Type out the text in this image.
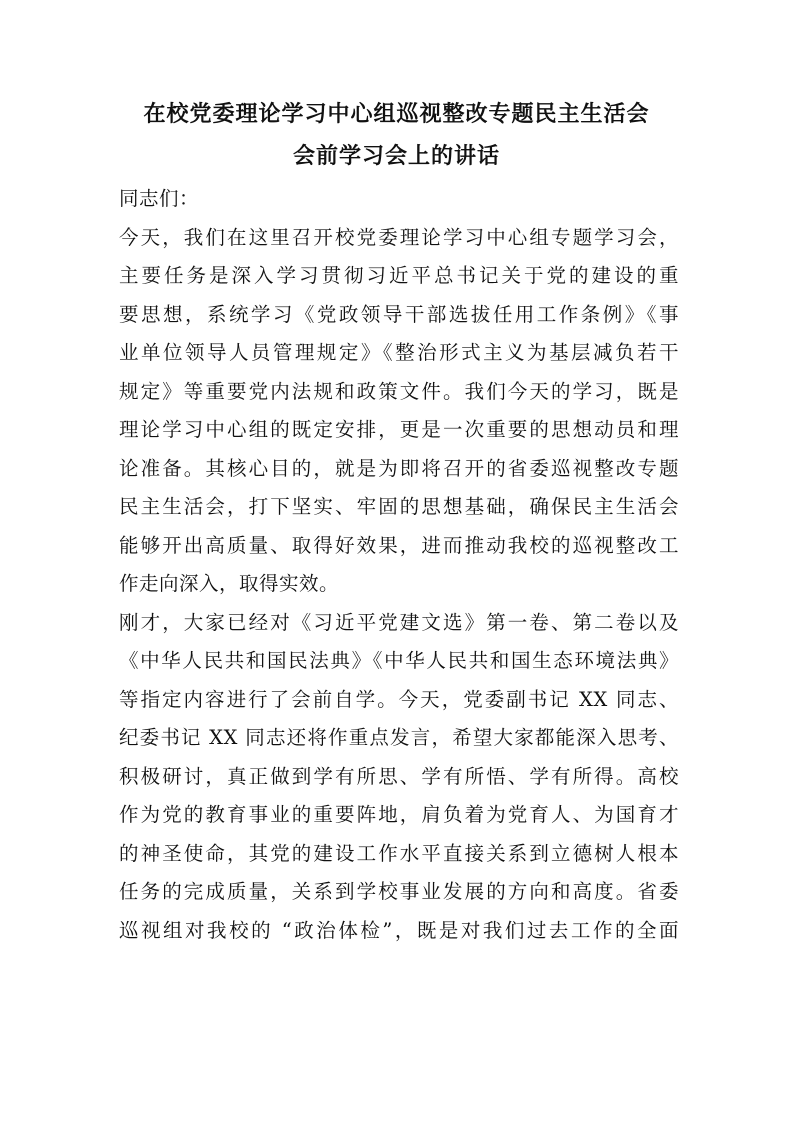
在校党委理论学习中心组巡视整改专题民主生活会
会前学习会上的讲话
同志们：
今天，我们在这里召开校党委理论学习中心组专题学习会，
主要任务是深入学习贯彻习近平总书记关于党的建设的重
要思想，系统学习《党政领导干部选拔任用工作条例》《事
业单位领导人员管理规定》《整治形式主义为基层减负若干
规定》等重要党内法规和政策文件。我们今天的学习，既是
理论学习中心组的既定安排，更是一次重要的思想动员和理
论准备。其核心目的，就是为即将召开的省委巡视整改专题
民主生活会，打下坚实、牢固的思想基础，确保民主生活会
能够开出高质量、取得好效果，进而推动我校的巡视整改工
作走向深入，取得实效。
刚才，大家已经对《习近平党建文选》第一卷、第二卷以及
《中华人民共和国民法典》《中华人民共和国生态环境法典》
等指定内容进行了会前自学。今天，党委副书记 XX 同志、
纪委书记 XX 同志还将作重点发言，希望大家都能深入思考、
积极研讨，真正做到学有所思、学有所悟、学有所得。高校
作为党的教育事业的重要阵地，肩负着为党育人、为国育才
的神圣使命，其党的建设工作水平直接关系到立德树人根本
任务的完成质量，关系到学校事业发展的方向和高度。省委
巡视组对我校的 “政治体检”，既是对我们过去工作的全面
